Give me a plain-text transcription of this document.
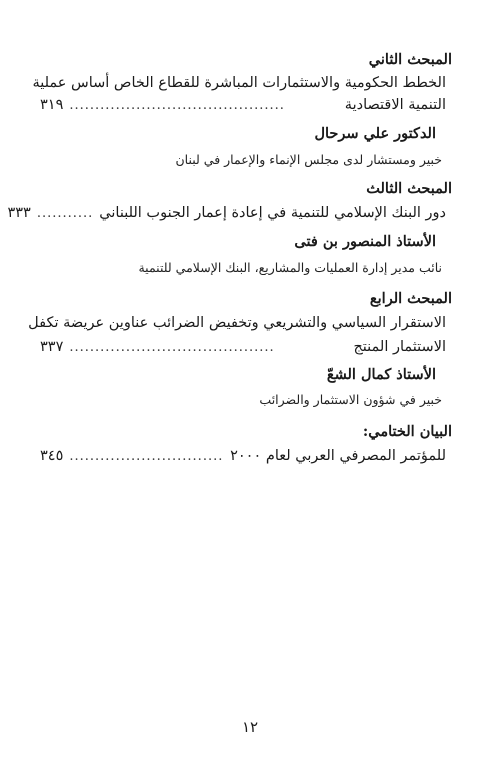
المبحث الثاني
الخطط الحكومية والاستثمارات المباشرة للقطاع الخاص أساس عملية
التنمية الاقتصادية
..........................................
٣١٩
الدكتور علي سرحال
خبير ومستشار لدى مجلس الإنماء والإعمار في لبنان
المبحث الثالث
دور البنك الإسلامي للتنمية في إعادة إعمار الجنوب اللبناني
...........
٣٣٣
الأستاذ المنصور بن فتى
نائب مدير إدارة العمليات والمشاريع، البنك الإسلامي للتنمية
المبحث الرابع
الاستقرار السياسي والتشريعي وتخفيض الضرائب عناوين عريضة تكفل
الاستثمار المنتج
........................................
٣٣٧
الأستاذ كمال الشعّ
خبير في شؤون الاستثمار والضرائب
البيان الختامي:
للمؤتمر المصرفي العربي لعام ٢٠٠٠
..............................
٣٤٥
١٢
